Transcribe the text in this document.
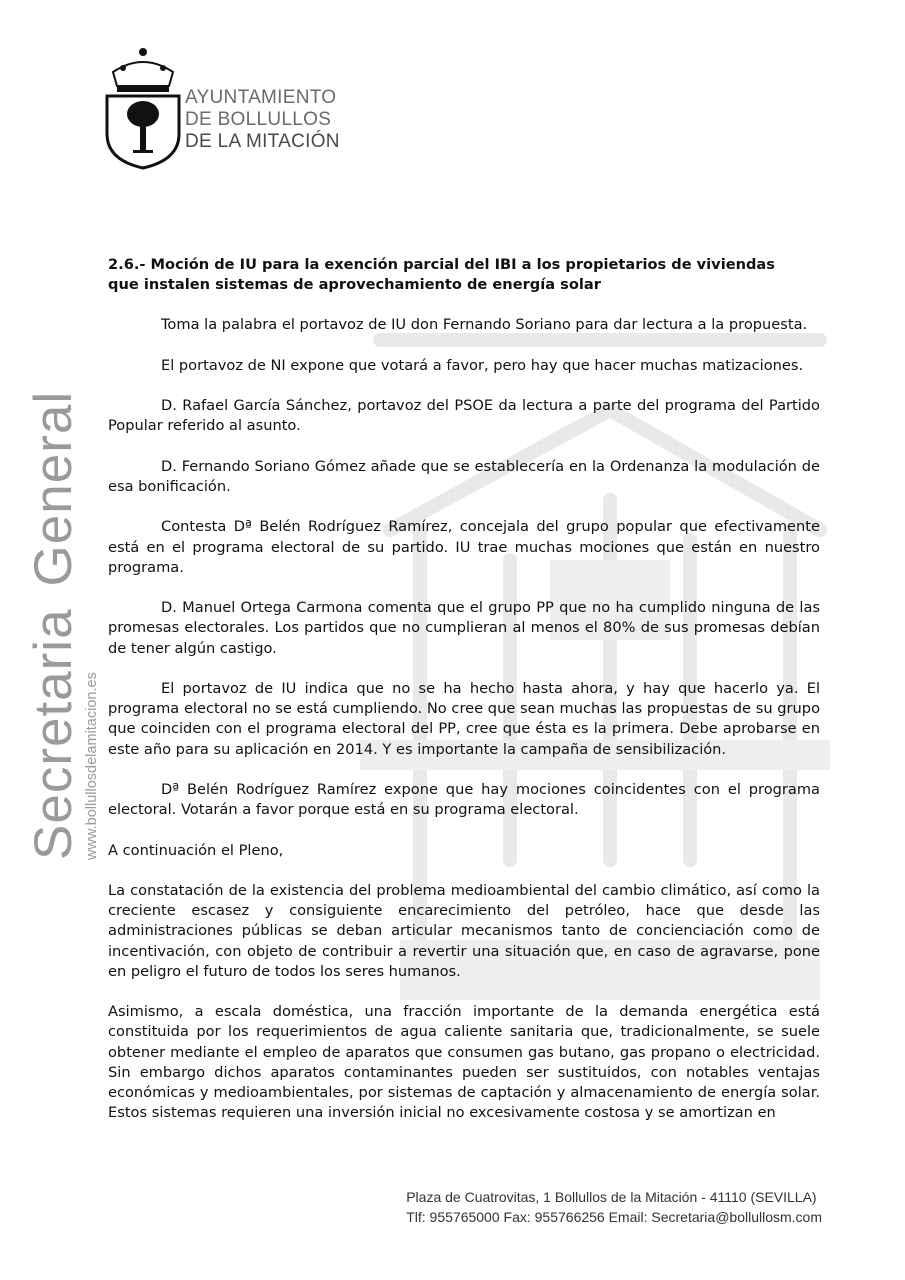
AYUNTAMIENTO
DE BOLLULLOS
DE LA MITACIÓN
SecretariaGeneral
www.bollullosdelamitacion.es
2.6.- Moción de IU para la exención parcial del IBI a los propietarios de viviendas
que instalen sistemas de aprovechamiento de energía solar

Toma la palabra el portavoz de IU don Fernando Soriano para dar lectura a la propuesta.

El portavoz de NI expone que votará a favor, pero hay que hacer muchas matizaciones.

D. Rafael García Sánchez, portavoz del PSOE da lectura a parte del programa del Partido Popular referido al asunto.

D. Fernando Soriano Gómez añade que se establecería en la Ordenanza la modulación de esa bonificación.

Contesta Dª Belén Rodríguez Ramírez, concejala del grupo popular que efectivamente está en el programa electoral de su partido. IU trae muchas mociones que están en nuestro programa.

D. Manuel Ortega Carmona comenta que el grupo PP que no ha cumplido ninguna de las promesas electorales. Los partidos que no cumplieran al menos el 80% de sus promesas debían de tener algún castigo.

El portavoz de IU indica que no se ha hecho hasta ahora, y hay que hacerlo ya. El programa electoral no se está cumpliendo. No cree que sean muchas las propuestas de su grupo que coinciden con el programa electoral del PP, cree que ésta es la primera. Debe aprobarse en este año para su aplicación en 2014. Y es importante la campaña de sensibilización.

Dª Belén Rodríguez Ramírez expone que hay mociones coincidentes con el programa electoral. Votarán a favor porque está en su programa electoral.

A continuación el Pleno,

La constatación de la existencia del problema medioambiental del cambio climático, así como la creciente escasez y consiguiente encarecimiento del petróleo, hace que desde las administraciones públicas se deban articular mecanismos tanto de concienciación como de incentivación, con objeto de contribuir a revertir una situación que, en caso de agravarse, pone en peligro el futuro de todos los seres humanos.

Asimismo, a escala doméstica, una fracción importante de la demanda energética está constituida por los requerimientos de agua caliente sanitaria que, tradicionalmente, se suele obtener mediante el empleo de aparatos que consumen gas butano, gas propano o electricidad. Sin embargo dichos aparatos contaminantes pueden ser sustituidos, con notables ventajas económicas y medioambientales, por sistemas de captación y almacenamiento de energía solar. Estos sistemas requieren una inversión inicial no excesivamente costosa y se amortizan en

Plaza de Cuatrovitas, 1 Bollullos de la Mitación - 41110 (SEVILLA)
Tlf: 955765000 Fax: 955766256 Email: Secretaria@bollullosm.com
